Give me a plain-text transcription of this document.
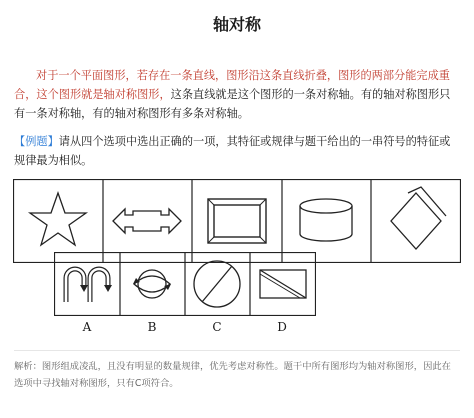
轴对称

对于一个平面图形，若存在一条直线，图形沿这条直线折叠，图形的两部分能完成重合，这个图形就是轴对称图形，这条直线就是这个图形的一条对称轴。有的轴对称图形只有一条对称轴，有的轴对称图形有多条对称轴。

【例题】请从四个选项中选出正确的一项，其特征或规律与题干给出的一串符号的特征或规律最为相似。

A	B	C	D

解析：图形组成凌乱，且没有明显的数量规律，优先考虑对称性。题干中所有图形均为轴对称图形，因此在选项中寻找轴对称图形，只有C项符合。
